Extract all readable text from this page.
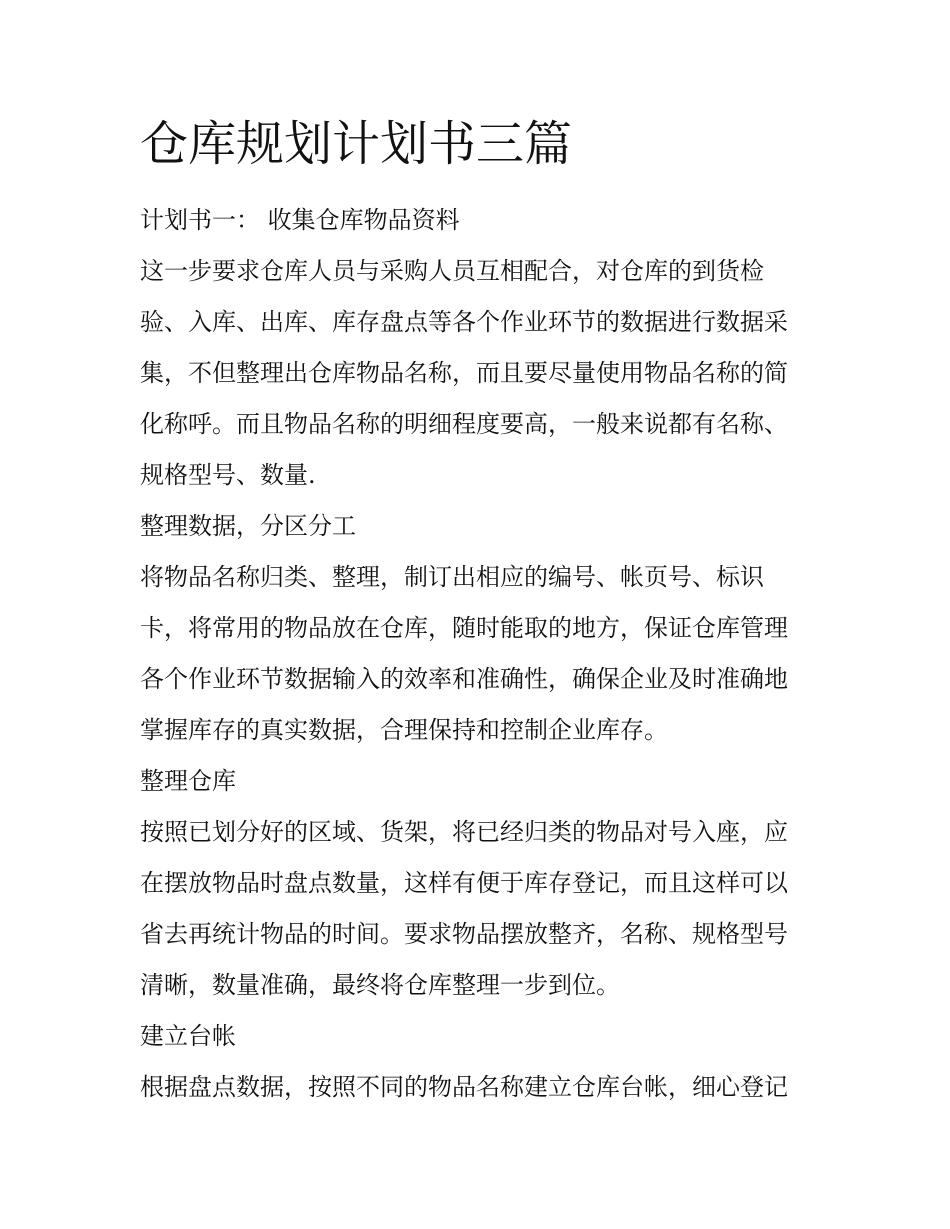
仓库规划计划书三篇

计划书一： 收集仓库物品资料

这一步要求仓库人员与采购人员互相配合，对仓库的到货检

验、入库、出库、库存盘点等各个作业环节的数据进行数据采

集，不但整理出仓库物品名称，而且要尽量使用物品名称的简

化称呼。而且物品名称的明细程度要高，一般来说都有名称、

规格型号、数量.

整理数据，分区分工

将物品名称归类、整理，制订出相应的编号、帐页号、标识

卡，将常用的物品放在仓库，随时能取的地方，保证仓库管理

各个作业环节数据输入的效率和准确性，确保企业及时准确地

掌握库存的真实数据，合理保持和控制企业库存。

整理仓库

按照已划分好的区域、货架，将已经归类的物品对号入座，应

在摆放物品时盘点数量，这样有便于库存登记，而且这样可以

省去再统计物品的时间。要求物品摆放整齐，名称、规格型号

清晰，数量准确，最终将仓库整理一步到位。

建立台帐

根据盘点数据，按照不同的物品名称建立仓库台帐，细心登记
